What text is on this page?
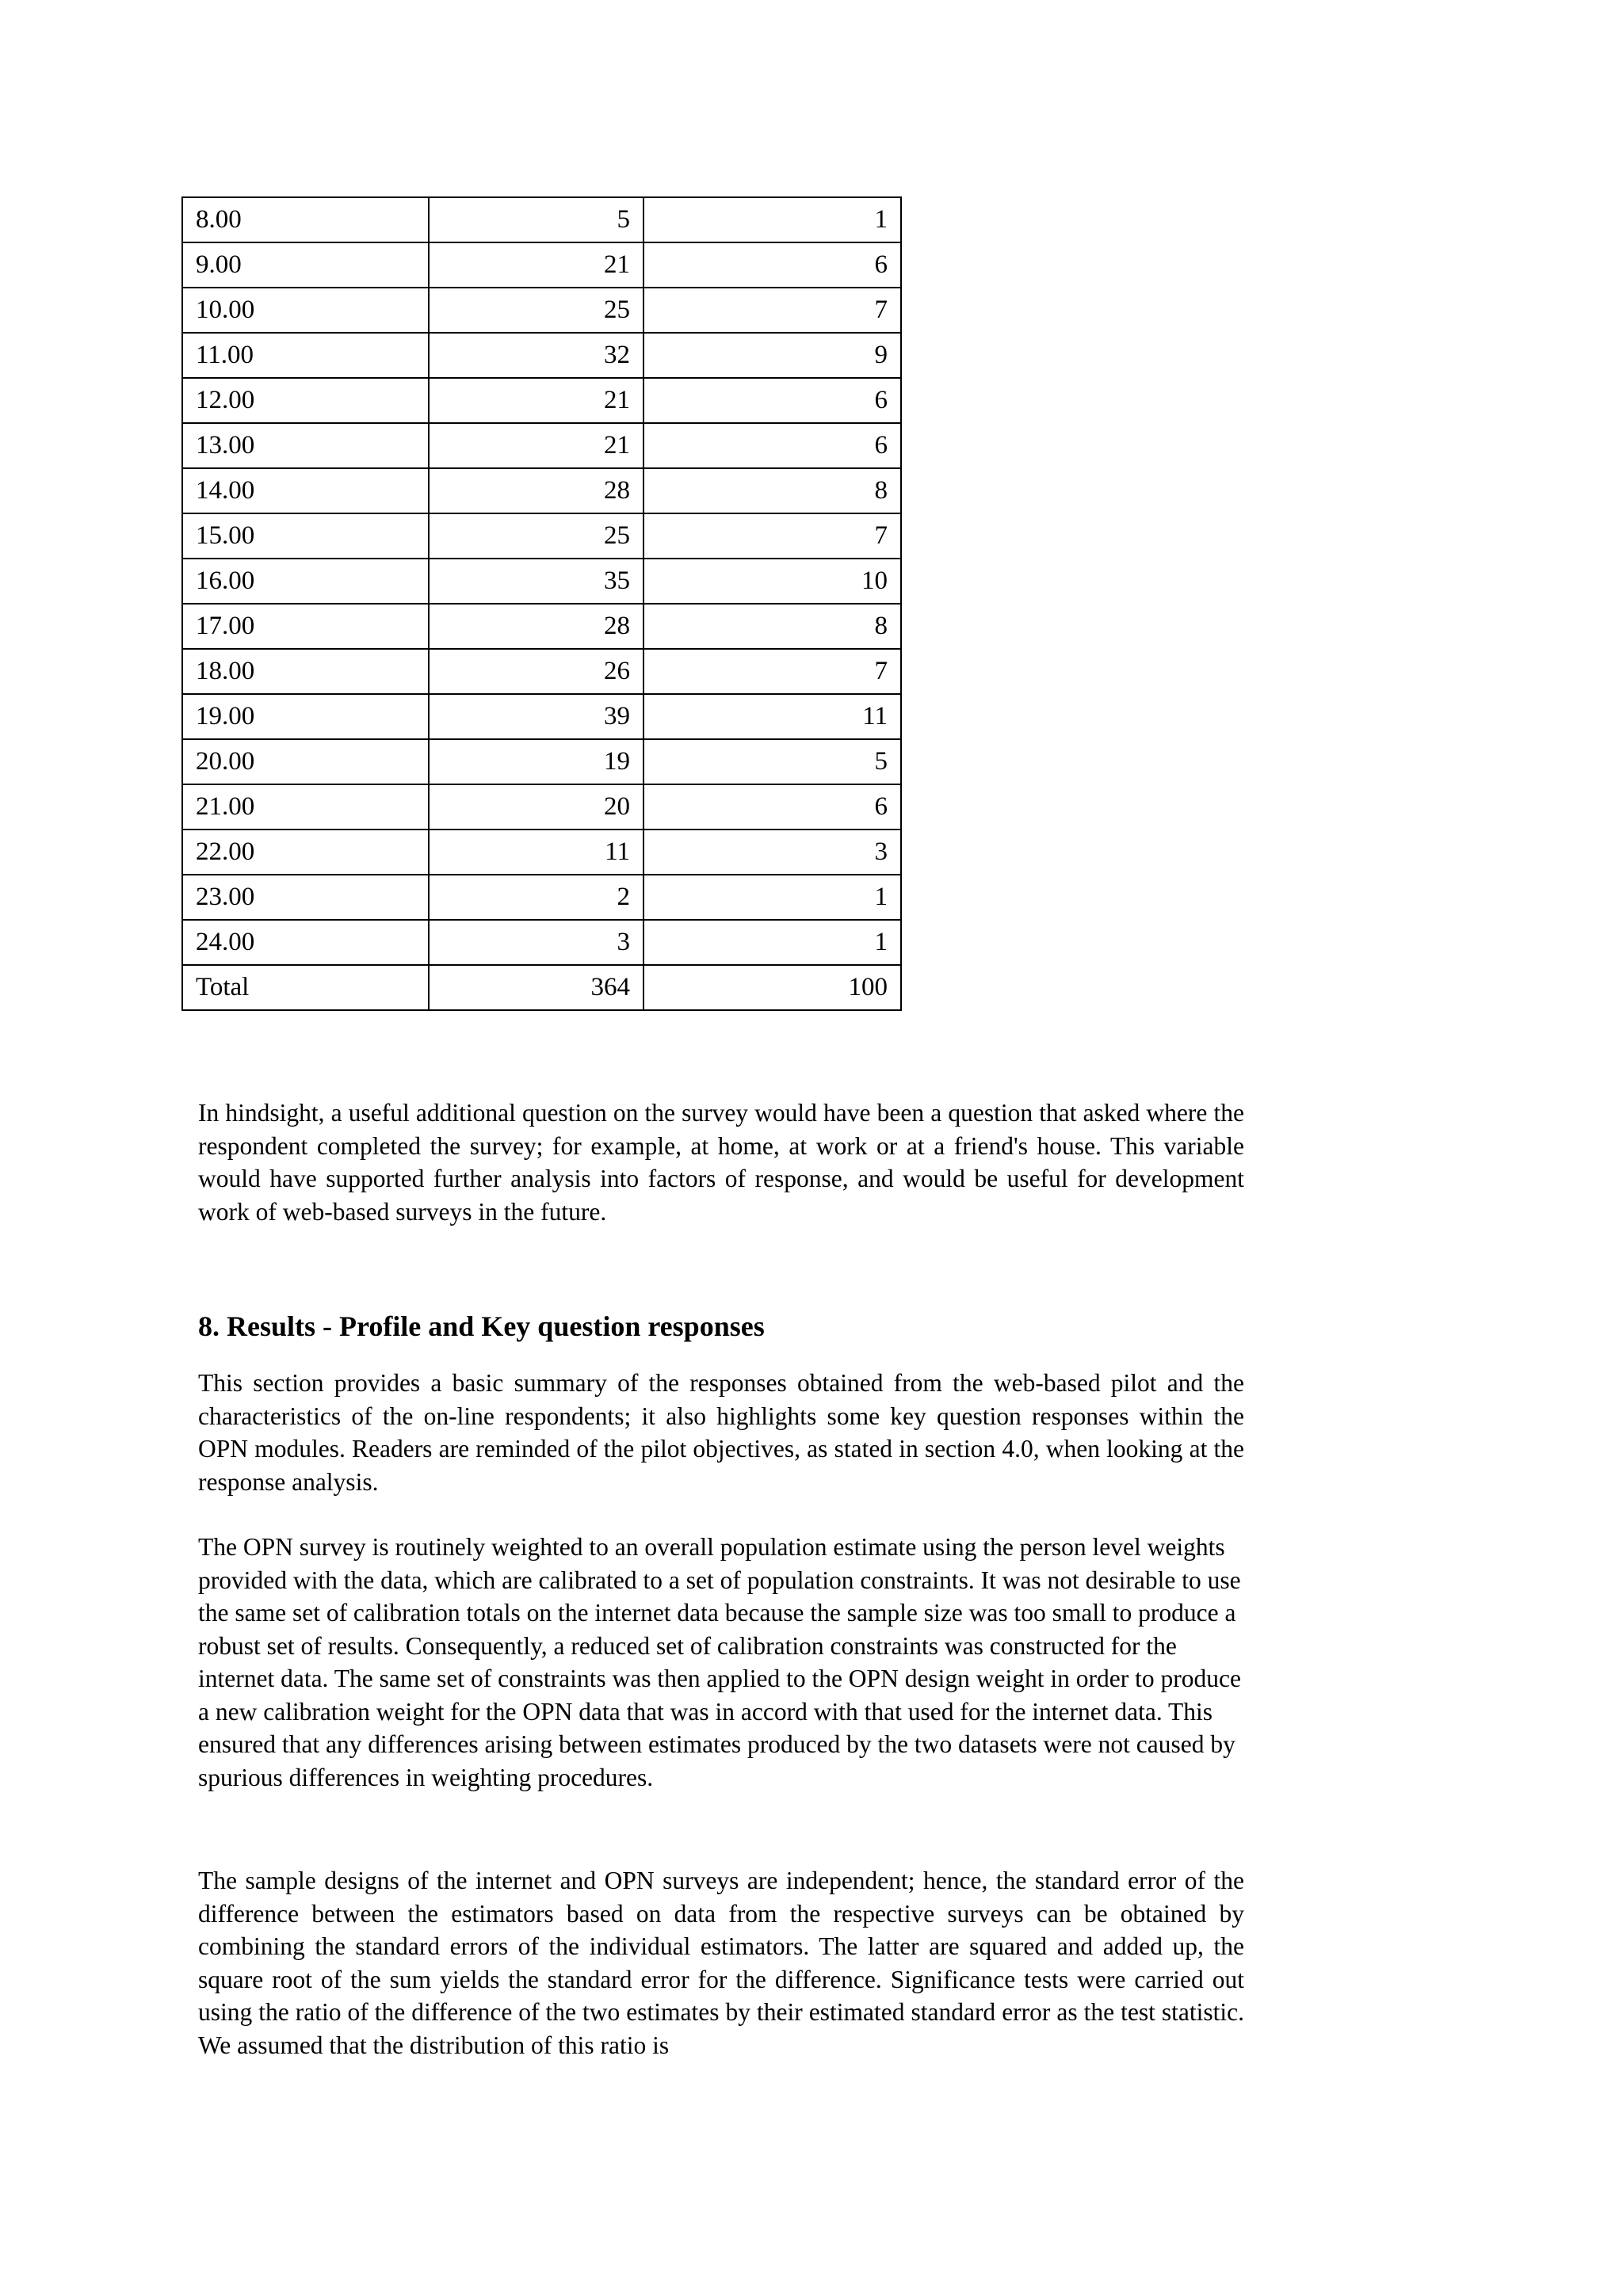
8.00	5	1
9.00	21	6
10.00	25	7
11.00	32	9
12.00	21	6
13.00	21	6
14.00	28	8
15.00	25	7
16.00	35	10
17.00	28	8
18.00	26	7
19.00	39	11
20.00	19	5
21.00	20	6
22.00	11	3
23.00	2	1
24.00	3	1
Total	364	100

In hindsight, a useful additional question on the survey would have been a question that asked where the respondent completed the survey; for example, at home, at work or at a friend's house. This variable would have supported further analysis into factors of response, and would be useful for development work of web-based surveys in the future.

8. Results - Profile and Key question responses

This section provides a basic summary of the responses obtained from the web-based pilot and the characteristics of the on-line respondents; it also highlights some key question responses within the OPN modules. Readers are reminded of the pilot objectives, as stated in section 4.0, when looking at the response analysis.

The OPN survey is routinely weighted to an overall population estimate using the person level weights provided with the data, which are calibrated to a set of population constraints. It was not desirable to use the same set of calibration totals on the internet data because the sample size was too small to produce a robust set of results. Consequently, a reduced set of calibration constraints was constructed for the internet data. The same set of constraints was then applied to the OPN design weight in order to produce a new calibration weight for the OPN data that was in accord with that used for the internet data. This ensured that any differences arising between estimates produced by the two datasets were not caused by spurious differences in weighting procedures.

The sample designs of the internet and OPN surveys are independent; hence, the standard error of the difference between the estimators based on data from the respective surveys can be obtained by combining the standard errors of the individual estimators. The latter are squared and added up, the square root of the sum yields the standard error for the difference. Significance tests were carried out using the ratio of the difference of the two estimates by their estimated standard error as the test statistic. We assumed that the distribution of this ratio is
